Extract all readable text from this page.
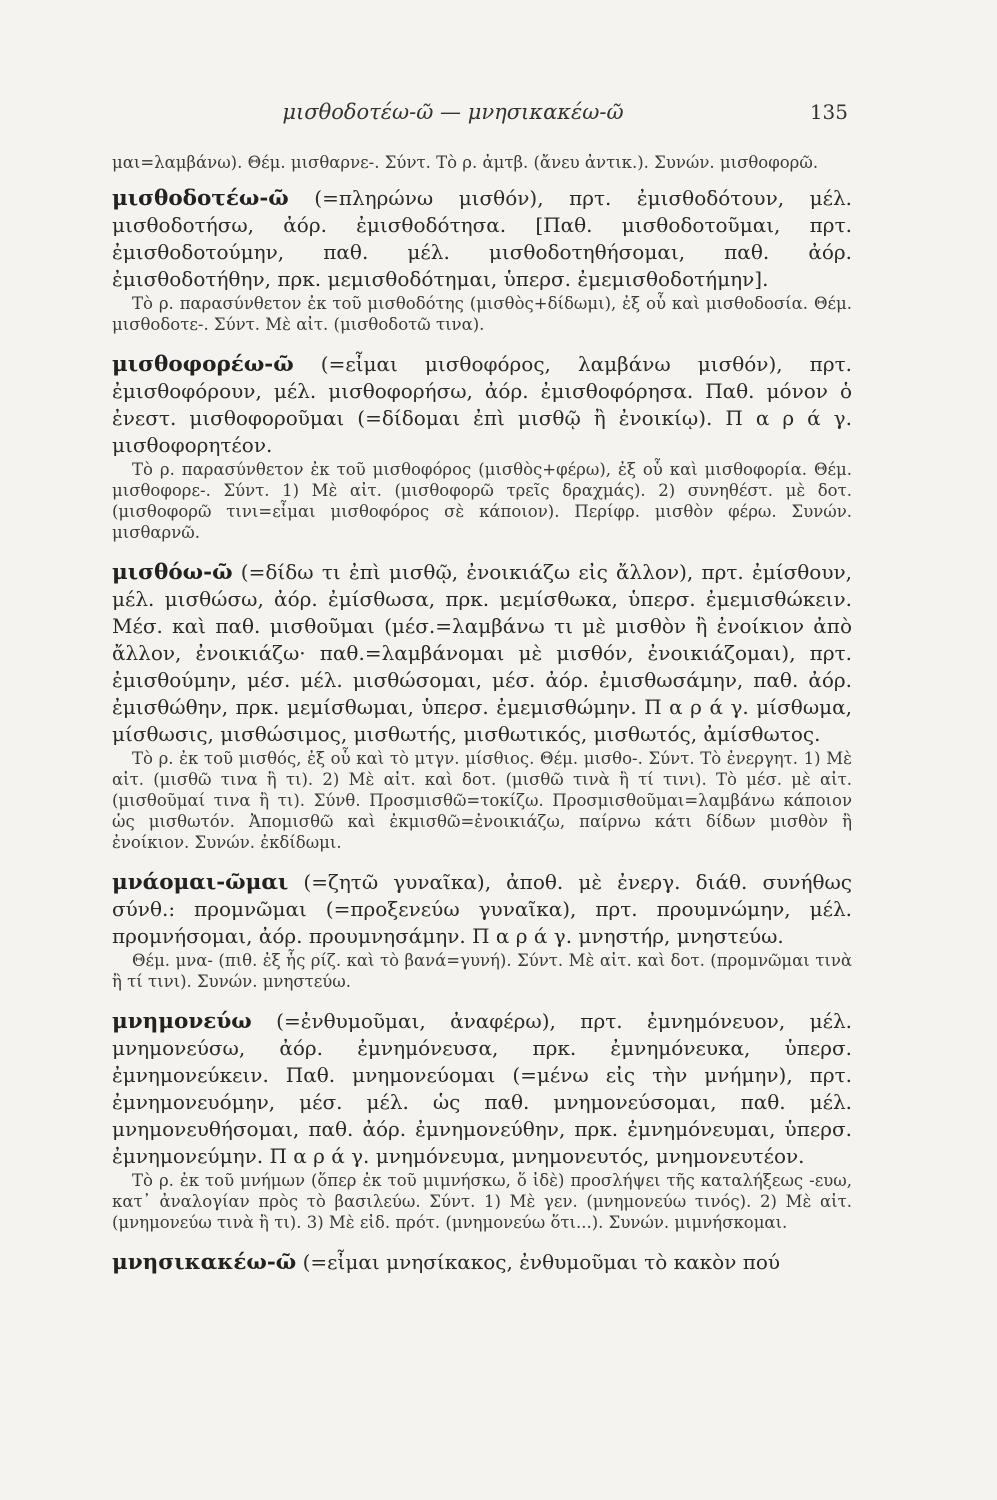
μισθοδοτέω-ῶ — μνησικακέω-ῶ	135

μαι=λαμβάνω). Θέμ. μισθαρνε-. Σύντ. Τὸ ρ. ἀμτβ. (ἄνευ ἀντικ.). Συνών. μισθοφορῶ.

μισθοδοτέω-ῶ (=πληρώνω μισθόν), πρτ. ἐμισθοδότουν, μέλ. μισθοδοτήσω, ἀόρ. ἐμισθοδότησα. [Παθ. μισθοδοτοῦμαι, πρτ. ἐμισθοδοτούμην, παθ. μέλ. μισθοδοτηθήσομαι, παθ. ἀόρ. ἐμισθοδοτήθην, πρκ. μεμισθοδότημαι, ὑπερσ. ἐμεμισθοδοτήμην].

Τὸ ρ. παρασύνθετον ἐκ τοῦ μισθοδότης (μισθὸς+δίδωμι), ἐξ οὗ καὶ μισθοδοσία. Θέμ. μισθοδοτε-. Σύντ. Μὲ αἰτ. (μισθοδοτῶ τινα).

μισθοφορέω-ῶ (=εἶμαι μισθοφόρος, λαμβάνω μισθόν), πρτ. ἐμισθοφόρουν, μέλ. μισθοφορήσω, ἀόρ. ἐμισθοφόρησα. Παθ. μόνον ὁ ἐνεστ. μισθοφοροῦμαι (=δίδομαι ἐπὶ μισθῷ ἢ ἐνοικίῳ). Π α ρ ά γ. μισθοφορητέον.

Τὸ ρ. παρασύνθετον ἐκ τοῦ μισθοφόρος (μισθὸς+φέρω), ἐξ οὗ καὶ μισθοφορία. Θέμ. μισθοφορε-. Σύντ. 1) Μὲ αἰτ. (μισθοφορῶ τρεῖς δραχμάς). 2) συνηθέστ. μὲ δοτ. (μισθοφορῶ τινι=εἶμαι μισθοφόρος σὲ κάποιον). Περίφρ. μισθὸν φέρω. Συνών. μισθαρνῶ.

μισθόω-ῶ (=δίδω τι ἐπὶ μισθῷ, ἐνοικιάζω εἰς ἄλλον), πρτ. ἐμίσθουν, μέλ. μισθώσω, ἀόρ. ἐμίσθωσα, πρκ. μεμίσθωκα, ὑπερσ. ἐμεμισθώκειν. Μέσ. καὶ παθ. μισθοῦμαι (μέσ.=λαμβάνω τι μὲ μισθὸν ἢ ἐνοίκιον ἀπὸ ἄλλον, ἐνοικιάζω· παθ.=λαμβάνομαι μὲ μισθόν, ἐνοικιάζομαι), πρτ. ἐμισθούμην, μέσ. μέλ. μισθώσομαι, μέσ. ἀόρ. ἐμισθωσάμην, παθ. ἀόρ. ἐμισθώθην, πρκ. μεμίσθωμαι, ὑπερσ. ἐμεμισθώμην. Π α ρ ά γ. μίσθωμα, μίσθωσις, μισθώσιμος, μισθωτής, μισθωτικός, μισθωτός, ἀμίσθωτος.

Τὸ ρ. ἐκ τοῦ μισθός, ἐξ οὗ καὶ τὸ μτγν. μίσθιος. Θέμ. μισθο-. Σύντ. Τὸ ἐνεργητ. 1) Μὲ αἰτ. (μισθῶ τινα ἢ τι). 2) Μὲ αἰτ. καὶ δοτ. (μισθῶ τινὰ ἢ τί τινι). Τὸ μέσ. μὲ αἰτ. (μισθοῦμαί τινα ἢ τι). Σύνθ. Προσμισθῶ=τοκίζω. Προσμισθοῦμαι=λαμβάνω κάποιον ὡς μισθωτόν. Ἀπομισθῶ καὶ ἐκμισθῶ=ἐνοικιάζω, παίρνω κάτι δίδων μισθὸν ἢ ἐνοίκιον. Συνών. ἐκδίδωμι.

μνάομαι-ῶμαι (=ζητῶ γυναῖκα), ἀποθ. μὲ ἐνεργ. διάθ. συνήθως σύνθ.: προμνῶμαι (=προξενεύω γυναῖκα), πρτ. προυμνώμην, μέλ. προμνήσομαι, ἀόρ. προυμνησάμην. Π α ρ ά γ. μνηστήρ, μνηστεύω.

Θέμ. μνα- (πιθ. ἐξ ἧς ρίζ. καὶ τὸ βανά=γυνή). Σύντ. Μὲ αἰτ. καὶ δοτ. (προμνῶμαι τινὰ ἢ τί τινι). Συνών. μνηστεύω.

μνημονεύω (=ἐνθυμοῦμαι, ἀναφέρω), πρτ. ἐμνημόνευον, μέλ. μνημονεύσω, ἀόρ. ἐμνημόνευσα, πρκ. ἐμνημόνευκα, ὑπερσ. ἐμνημονεύκειν. Παθ. μνημονεύομαι (=μένω εἰς τὴν μνήμην), πρτ. ἐμνημονευόμην, μέσ. μέλ. ὡς παθ. μνημονεύσομαι, παθ. μέλ. μνημονευθήσομαι, παθ. ἀόρ. ἐμνημονεύθην, πρκ. ἐμνημόνευμαι, ὑπερσ. ἐμνημονεύμην. Π α ρ ά γ. μνημόνευμα, μνημονευτός, μνημονευτέον.

Τὸ ρ. ἐκ τοῦ μνήμων (ὅπερ ἐκ τοῦ μιμνήσκω, ὅ ἰδὲ) προσλήψει τῆς καταλήξεως -ευω, κατ᾽ ἀναλογίαν πρὸς τὸ βασιλεύω. Σύντ. 1) Μὲ γεν. (μνημονεύω τινός). 2) Μὲ αἰτ. (μνημονεύω τινὰ ἢ τι). 3) Μὲ εἰδ. πρότ. (μνημονεύω ὅτι...). Συνών. μιμνήσκομαι.

μνησικακέω-ῶ (=εἶμαι μνησίκακος, ἐνθυμοῦμαι τὸ κακὸν πού
